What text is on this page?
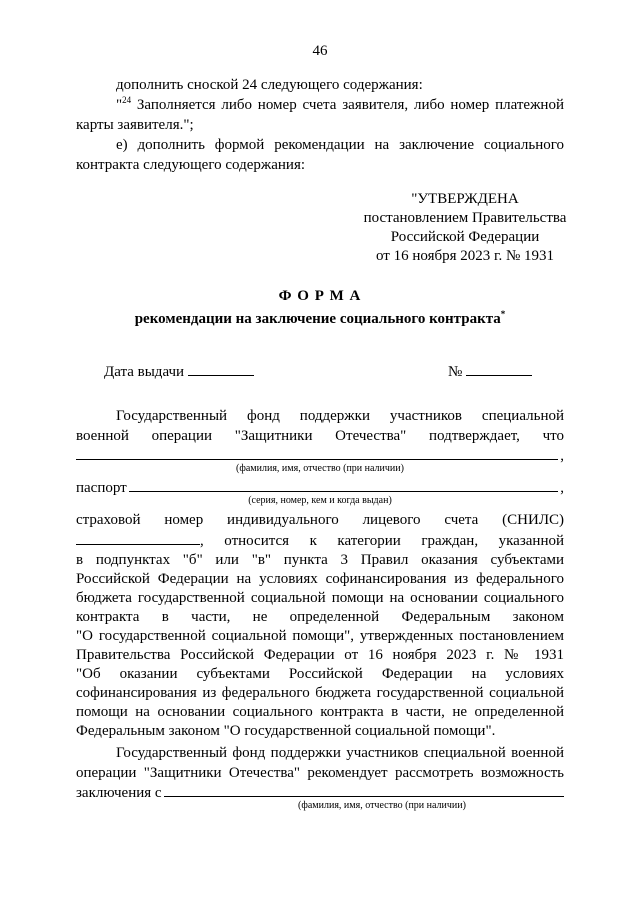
46
дополнить сноской 24 следующего содержания:
"$^{24}$ Заполняется либо номер счета заявителя, либо номер платежной
карты заявителя.";
е) дополнить формой рекомендации на заключение социального
контракта следующего содержания:
"УТВЕРЖДЕНА
постановлением Правительства
Российской Федерации
от 16 ноября 2023 г. № 1931
Ф О Р М А
рекомендации на заключение социального контракта*
Дата выдачи	№
Государственный фонд поддержки участников специальной
военной операции "Защитники Отечества" подтверждает, что
,
(фамилия, имя, отчество (при наличии)
паспорт	,
(серия, номер, кем и когда выдан)
страховой номер индивидуального лицевого счета (СНИЛС)
, относится к категории граждан, указанной
в подпунктах "б" или "в" пункта 3 Правил оказания субъектами
Российской Федерации на условиях софинансирования из федерального
бюджета государственной социальной помощи на основании социального
контракта в части, не определенной Федеральным законом
"О государственной социальной помощи", утвержденных постановлением
Правительства Российской Федерации от 16 ноября 2023 г. № 1931
"Об оказании субъектами Российской Федерации на условиях
софинансирования из федерального бюджета государственной социальной
помощи на основании социального контракта в части, не определенной
Федеральным законом "О государственной социальной помощи".
Государственный фонд поддержки участников специальной военной
операции "Защитники Отечества" рекомендует рассмотреть возможность
заключения с
(фамилия, имя, отчество (при наличии)
